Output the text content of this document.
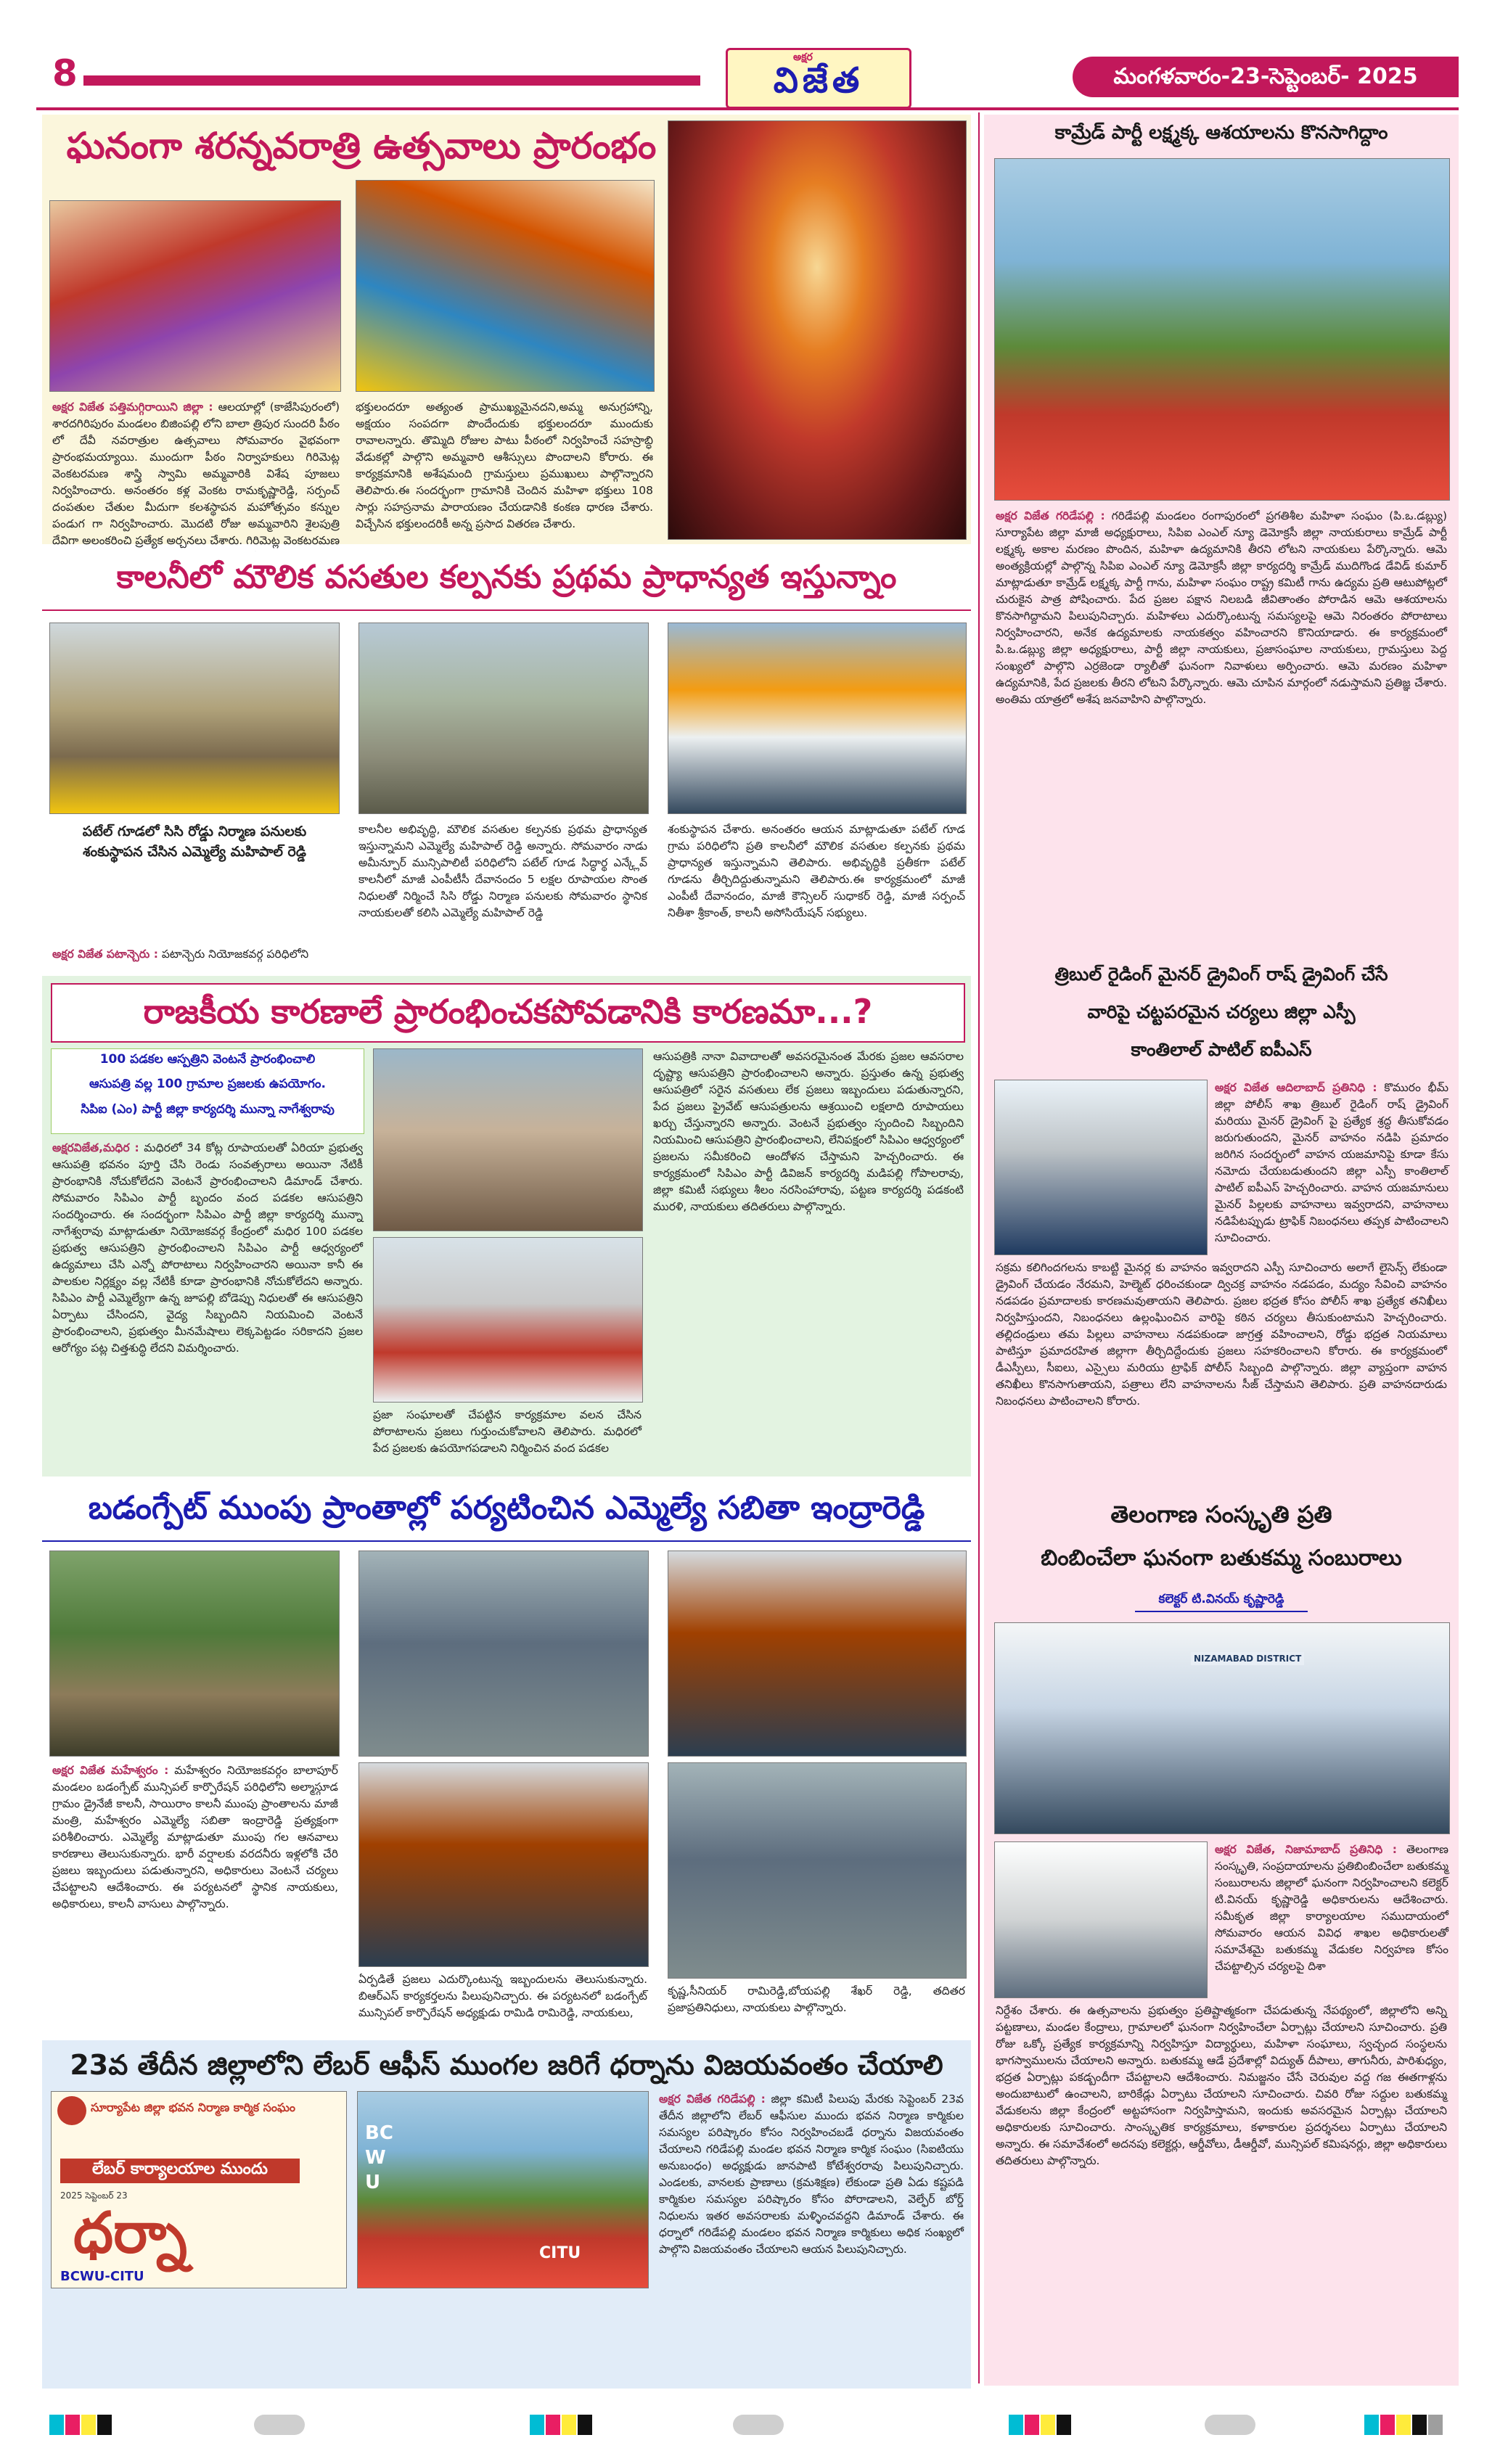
8	అక్షర
విజేత	మంగళవారం-23-సెప్టెంబర్- 2025
ఘనంగా శరన్నవరాత్రి ఉత్సవాలు ప్రారంభం
అక్షర విజేత పత్తిమగ్గిరాయిని జిల్లా : ఆలయాల్లో (కాజేసిపురంలో) శారదగిరిపురం మండలం బిజింపల్లి లోని బాలా త్రిపుర సుందరి పీఠం లో దేవీ నవరాత్రుల ఉత్సవాలు సోమవారం వైభవంగా ప్రారంభమయ్యాయి. ముందుగా పీఠం నిర్వాహకులు గిరిమెట్ల వెంకటరమణ శాస్త్రి స్వామి అమ్మవారికి విశేష పూజలు నిర్వహించారు. అనంతరం కళ్ల వెంకట రామకృష్ణారెడ్డి, సర్పంచ్ దంపతుల చేతుల మీదుగా కలశస్థాపన మహోత్సవం కన్నుల పండుగ గా నిర్వహించారు. మొదటి రోజు అమ్మవారిని శైలపుత్రి దేవిగా అలంకరించి ప్రత్యేక అర్చనలు చేశారు. గిరిమెట్ల వెంకటరమణ
భక్తులందరూ అత్యంత ప్రాముఖ్యమైనదని,అమ్మ అనుగ్రహాన్ని, అక్షయం సంపదగా పొందేందుకు భక్తులందరూ ముందుకు రావాలన్నారు. తొమ్మిది రోజుల పాటు పీఠంలో నిర్వహించే సహస్రాబ్ధి వేడుకల్లో పాల్గొని అమ్మవారి ఆశీస్సులు పొందాలని కోరారు. ఈ కార్యక్రమానికి అశేషమంది గ్రామస్తులు ప్రముఖులు పాల్గొన్నారని తెలిపారు.ఈ సందర్భంగా గ్రామానికి చెందిన మహిళా భక్తులు 108 సార్లు సహస్రనామ పారాయణం చేయడానికి కంకణ ధారణ చేశారు. విచ్చేసిన భక్తులందరికీ అన్న ప్రసాద వితరణ చేశారు.
కాలనీలో మౌలిక వసతుల కల్పనకు ప్రథమ ప్రాధాన్యత ఇస్తున్నాం
పటేల్ గూడలో సిసి రోడ్డు నిర్మాణ పనులకు శంకుస్థాపన చేసిన ఎమ్మెల్యే మహిపాల్ రెడ్డి
అక్షర విజేత పటాన్చెరు : పటాన్చెరు నియోజకవర్గ పరిధిలోని
కాలనీల అభివృద్ధి, మౌలిక వసతుల కల్పనకు ప్రథమ ప్రాధాన్యత ఇస్తున్నామని ఎమ్మెల్యే మహిపాల్ రెడ్డి అన్నారు. సోమవారం నాడు అమీన్పూర్ మున్సిపాలిటీ పరిధిలోని పటేల్ గూడ సిద్ధార్థ ఎన్క్లేవ్ కాలనీలో మాజీ ఎంపీటీసీ దేవానందం 5 లక్షల రూపాయల సొంత నిధులతో నిర్మించే సిసి రోడ్డు నిర్మాణ పనులకు సోమవారం స్థానిక నాయకులతో కలిసి ఎమ్మెల్యే మహిపాల్ రెడ్డి
శంకుస్థాపన చేశారు. అనంతరం ఆయన మాట్లాడుతూ పటేల్ గూడ గ్రామ పరిధిలోని ప్రతి కాలనీలో మౌలిక వసతుల కల్పనకు ప్రథమ ప్రాధాన్యత ఇస్తున్నామని తెలిపారు. అభివృద్ధికి ప్రతీకగా పటేల్ గూడను తీర్చిదిద్దుతున్నామని తెలిపారు.ఈ కార్యక్రమంలో మాజీ ఎంపీటీ దేవానందం, మాజీ కౌన్సిలర్ సుధాకర్ రెడ్డి, మాజీ సర్పంచ్ నితీశా శ్రీకాంత్, కాలనీ అసోసియేషన్ సభ్యులు.
రాజకీయ కారణాలే ప్రారంభించకపోవడానికి కారణమా...?
100 పడకల ఆస్పత్రిని వెంటనే ప్రారంభించాలి
ఆసుపత్రి వల్ల 100 గ్రామాల ప్రజలకు ఉపయోగం.
సిపిఐ (ఎం) పార్టీ జిల్లా కార్యదర్శి మున్నా నాగేశ్వరావు
అక్షరవిజేత,మధిర : మధిరలో 34 కోట్ల రూపాయలతో ఏరియా ప్రభుత్వ ఆసుపత్రి భవనం పూర్తి చేసి రెండు సంవత్సరాలు అయినా నేటికీ ప్రారంభానికి నోచుకోలేదని వెంటనే ప్రారంభించాలని డిమాండ్ చేశారు. సోమవారం సిపిఎం పార్టీ బృందం వంద పడకల ఆసుపత్రిని సందర్శించారు. ఈ సందర్భంగా సిపిఎం పార్టీ జిల్లా కార్యదర్శి మున్నా నాగేశ్వరావు మాట్లాడుతూ నియోజకవర్గ కేంద్రంలో మధిర 100 పడకల ప్రభుత్వ ఆసుపత్రిని ప్రారంభించాలని సిపిఎం పార్టీ ఆధ్వర్యంలో ఉద్యమాలు చేసి ఎన్నో పోరాటాలు నిర్వహించారని అయినా కానీ ఈ పాలకుల నిర్లక్ష్యం వల్ల నేటికీ కూడా ప్రారంభానికి నోచుకోలేదని అన్నారు. సిపిఎం పార్టీ ఎమ్మెల్యేగా ఉన్న జూపల్లి బోడెప్పు నిధులతో ఈ ఆసుపత్రిని ఏర్పాటు చేసిందని, వైద్య సిబ్బందిని నియమించి వెంటనే ప్రారంభించాలని, ప్రభుత్వం మీనమేషాలు లెక్కపెట్టడం సరికాదని ప్రజల ఆరోగ్యం పట్ల చిత్తశుద్ధి లేదని విమర్శించారు.
ప్రజా సంఘాలతో చేపట్టిన కార్యక్రమాల వలన చేసిన పోరాటాలను ప్రజలు గుర్తుంచుకోవాలని తెలిపారు. మధిరలో పేద ప్రజలకు ఉపయోగపడాలని నిర్మించిన వంద పడకల
ఆసుపత్రికి నానా వివాదాలతో అవసరమైనంత మేరకు ప్రజల ఆవసరాల దృష్ట్యా ఆసుపత్రిని ప్రారంభించాలని అన్నారు. ప్రస్తుతం ఉన్న ప్రభుత్వ ఆసుపత్రిలో సరైన వసతులు లేక ప్రజలు ఇబ్బందులు పడుతున్నారని, పేద ప్రజలు ప్రైవేట్ ఆసుపత్రులను ఆశ్రయించి లక్షలాది రూపాయలు ఖర్చు చేస్తున్నారని అన్నారు. వెంటనే ప్రభుత్వం స్పందించి సిబ్బందిని నియమించి ఆసుపత్రిని ప్రారంభించాలని, లేనిపక్షంలో సిపిఎం ఆధ్వర్యంలో ప్రజలను సమీకరించి ఆందోళన చేస్తామని హెచ్చరించారు. ఈ కార్యక్రమంలో సిపిఎం పార్టీ డివిజన్ కార్యదర్శి మడిపల్లి గోపాలరావు, జిల్లా కమిటీ సభ్యులు శీలం నరసింహారావు, పట్టణ కార్యదర్శి పడకంటి మురళి, నాయకులు తదితరులు పాల్గొన్నారు.
బడంగ్పేట్ ముంపు ప్రాంతాల్లో పర్యటించిన ఎమ్మెల్యే సబితా ఇంద్రారెడ్డి
అక్షర విజేత మహేశ్వరం : మహేశ్వరం నియోజకవర్గం బాలాపూర్ మండలం బడంగ్పేట్ మున్సిపల్ కార్పొరేషన్ పరిధిలోని అల్మాస్గూడ గ్రామం డ్రైనేజీ కాలనీ, సాయిరాం కాలనీ ముంపు ప్రాంతాలను మాజీ మంత్రి, మహేశ్వరం ఎమ్మెల్యే సబితా ఇంద్రారెడ్డి ప్రత్యక్షంగా పరిశీలించారు. ఎమ్మెల్యే మాట్లాడుతూ ముంపు గల ఆనవాలు కారణాలు తెలుసుకున్నారు. భారీ వర్షాలకు వరదనీరు ఇళ్లలోకి చేరి ప్రజలు ఇబ్బందులు పడుతున్నారని, అధికారులు వెంటనే చర్యలు చేపట్టాలని ఆదేశించారు. ఈ పర్యటనలో స్థానిక నాయకులు, అధికారులు, కాలనీ వాసులు పాల్గొన్నారు.
ఏర్పడితే ప్రజలు ఎదుర్కొంటున్న ఇబ్బందులను తెలుసుకున్నారు. బిఆర్ఎస్ కార్యకర్తలను పిలుపునిచ్చారు. ఈ పర్యటనలో బడంగ్పేట్ మున్సిపల్ కార్పొరేషన్ అధ్యక్షుడు రామిడి రామిరెడ్డి, నాయకులు,
కృష్ణ,సీనియర్ రామిరెడ్డి,బోయపల్లి శేఖర్ రెడ్డి, తదితర ప్రజాప్రతినిధులు, నాయకులు పాల్గొన్నారు.
23వ తేదీన జిల్లాలోని లేబర్ ఆఫీస్ ముంగల జరిగే ధర్నాను విజయవంతం చేయాలి
సూర్యాపేట జిల్లా భవన నిర్మాణ కార్మిక సంఘం
లేబర్ కార్యాలయాల ముందు
2025 సెప్టెంబర్ 23
ధర్నా
BCWU-CITU
BCWU
CITU
అక్షర విజేత గరిడేపల్లి : జిల్లా కమిటీ పిలుపు మేరకు సెప్టెంబర్ 23వ తేదీన జిల్లాలోని లేబర్ ఆఫీసుల ముందు భవన నిర్మాణ కార్మికుల సమస్యల పరిష్కారం కోసం నిర్వహించబడే ధర్నాను విజయవంతం చేయాలని గరిడేపల్లి మండల భవన నిర్మాణ కార్మిక సంఘం (సిఐటియు అనుబంధం) అధ్యక్షుడు జానపాటి కోటేశ్వరరావు పిలుపునిచ్చారు. ఎండలకు, వానలకు ప్రాణాలు (క్రమశిక్షణ) లేకుండా ప్రతి ఏడు కష్టపడి కార్మికుల సమస్యల పరిష్కారం కోసం పోరాడాలని, వెల్ఫేర్ బోర్డ్ నిధులను ఇతర అవసరాలకు మళ్ళించవద్దని డిమాండ్ చేశారు. ఈ ధర్నాలో గరిడేపల్లి మండలం భవన నిర్మాణ కార్మికులు అధిక సంఖ్యలో పాల్గొని విజయవంతం చేయాలని ఆయన పిలుపునిచ్చారు.
కామ్రేడ్ పార్టీ లక్ష్మక్క ఆశయాలను కొనసాగిద్దాం
అక్షర విజేత గరిడేపల్లి : గరిడేపల్లి మండలం రంగాపురంలో ప్రగతిశీల మహిళా సంఘం (పి.ఒ.డబ్ల్యు) సూర్యాపేట జిల్లా మాజీ అధ్యక్షురాలు, సిపిఐ ఎంఎల్ న్యూ డెమోక్రసీ జిల్లా నాయకురాలు కామ్రేడ్ పార్టీ లక్ష్మక్క అకాల మరణం పొందిన, మహిళా ఉద్యమానికి తీరని లోటని నాయకులు పేర్కొన్నారు. ఆమె అంత్యక్రియల్లో పాల్గొన్న సిపిఐ ఎంఎల్ న్యూ డెమోక్రసీ జిల్లా కార్యదర్శి కామ్రేడ్ ముదిగొండ డేవిడ్ కుమార్ మాట్లాడుతూ కామ్రేడ్ లక్ష్మక్క పార్టీ గాను, మహిళా సంఘం రాష్ట్ర కమిటీ గాను ఉద్యమ ప్రతి ఆటుపోట్లలో చురుకైన పాత్ర పోషించారు. పేద ప్రజల పక్షాన నిలబడి జీవితాంతం పోరాడిన ఆమె ఆశయాలను కొనసాగిద్దామని పిలుపునిచ్చారు. మహిళలు ఎదుర్కొంటున్న సమస్యలపై ఆమె నిరంతరం పోరాటాలు నిర్వహించారని, అనేక ఉద్యమాలకు నాయకత్వం వహించారని కొనియాడారు. ఈ కార్యక్రమంలో పి.ఒ.డబ్ల్యు జిల్లా అధ్యక్షురాలు, పార్టీ జిల్లా నాయకులు, ప్రజాసంఘాల నాయకులు, గ్రామస్తులు పెద్ద సంఖ్యలో పాల్గొని ఎర్రజెండా ర్యాలీతో ఘనంగా నివాళులు అర్పించారు. ఆమె మరణం మహిళా ఉద్యమానికి, పేద ప్రజలకు తీరని లోటని పేర్కొన్నారు. ఆమె చూపిన మార్గంలో నడుస్తామని ప్రతిజ్ఞ చేశారు. అంతిమ యాత్రలో అశేష జనవాహిని పాల్గొన్నారు.
త్రిబుల్ రైడింగ్ మైనర్ డ్రైవింగ్ రాష్ డ్రైవింగ్ చేసే
వారిపై చట్టపరమైన చర్యలు జిల్లా ఎస్పీ
కాంతిలాల్ పాటిల్ ఐపీఎస్
అక్షర విజేత ఆదిలాబాద్ ప్రతినిధి : కొమురం భీమ్ జిల్లా పోలీస్ శాఖ త్రిబుల్ రైడింగ్ రాష్ డ్రైవింగ్ మరియు మైనర్ డ్రైవింగ్ పై ప్రత్యేక శ్రద్ధ తీసుకోవడం జరుగుతుందని, మైనర్ వాహనం నడిపి ప్రమాదం జరిగిన సందర్భంలో వాహన యజమానిపై కూడా కేసు నమోదు చేయబడుతుందని జిల్లా ఎస్పీ కాంతిలాల్ పాటిల్ ఐపీఎస్ హెచ్చరించారు. వాహన యజమానులు మైనర్ పిల్లలకు వాహనాలు ఇవ్వరాదని, వాహనాలు నడిపేటప్పుడు ట్రాఫిక్ నిబంధనలు తప్పక పాటించాలని సూచించారు.
సక్రమ కలిగిందగలను కాబట్టి మైనర్ల కు వాహనం ఇవ్వరాదని ఎస్పీ సూచించారు అలాగే లైసెన్స్ లేకుండా డ్రైవింగ్ చేయడం నేరమని, హెల్మెట్ ధరించకుండా ద్విచక్ర వాహనం నడపడం, మద్యం సేవించి వాహనం నడపడం ప్రమాదాలకు కారణమవుతాయని తెలిపారు. ప్రజల భద్రత కోసం పోలీస్ శాఖ ప్రత్యేక తనిఖీలు నిర్వహిస్తుందని, నిబంధనలు ఉల్లంఘించిన వారిపై కఠిన చర్యలు తీసుకుంటామని హెచ్చరించారు. తల్లిదండ్రులు తమ పిల్లలు వాహనాలు నడపకుండా జాగ్రత్త వహించాలని, రోడ్డు భద్రత నియమాలు పాటిస్తూ ప్రమాదరహిత జిల్లాగా తీర్చిదిద్దేందుకు ప్రజలు సహకరించాలని కోరారు. ఈ కార్యక్రమంలో డీఎస్పీలు, సీఐలు, ఎస్సైలు మరియు ట్రాఫిక్ పోలీస్ సిబ్బంది పాల్గొన్నారు. జిల్లా వ్యాప్తంగా వాహన తనిఖీలు కొనసాగుతాయని, పత్రాలు లేని వాహనాలను సీజ్ చేస్తామని తెలిపారు. ప్రతి వాహనదారుడు నిబంధనలు పాటించాలని కోరారు.
తెలంగాణ సంస్కృతి ప్రతి
బింబించేలా ఘనంగా బతుకమ్మ సంబురాలు
కలెక్టర్ టి.వినయ్ కృష్ణారెడ్డి
NIZAMABAD DISTRICT
అక్షర విజేత, నిజామాబాద్ ప్రతినిధి : తెలంగాణ సంస్కృతి, సంప్రదాయాలను ప్రతిబింబించేలా బతుకమ్మ సంబురాలను జిల్లాలో ఘనంగా నిర్వహించాలని కలెక్టర్ టి.వినయ్ కృష్ణారెడ్డి అధికారులను ఆదేశించారు. సమీకృత జిల్లా కార్యాలయాల సముదాయంలో సోమవారం ఆయన వివిధ శాఖల అధికారులతో సమావేశమై బతుకమ్మ వేడుకల నిర్వహణ కోసం చేపట్టాల్సిన చర్యలపై దిశా
నిర్దేశం చేశారు. ఈ ఉత్సవాలను ప్రభుత్వం ప్రతిష్టాత్మకంగా చేపడుతున్న నేపథ్యంలో, జిల్లాలోని అన్ని పట్టణాలు, మండల కేంద్రాలు, గ్రామాలలో ఘనంగా నిర్వహించేలా ఏర్పాట్లు చేయాలని సూచించారు. ప్రతి రోజు ఒక్కో ప్రత్యేక కార్యక్రమాన్ని నిర్వహిస్తూ విద్యార్థులు, మహిళా సంఘాలు, స్వచ్ఛంద సంస్థలను భాగస్వాములను చేయాలని అన్నారు. బతుకమ్మ ఆడే ప్రదేశాల్లో విద్యుత్ దీపాలు, తాగునీరు, పారిశుధ్యం, భద్రత ఏర్పాట్లు పకడ్బందీగా చేపట్టాలని ఆదేశించారు. నిమజ్జనం చేసే చెరువుల వద్ద గజ ఈతగాళ్లను అందుబాటులో ఉంచాలని, బారికేడ్లు ఏర్పాటు చేయాలని సూచించారు. చివరి రోజు సద్దుల బతుకమ్మ వేడుకలను జిల్లా కేంద్రంలో అట్టహాసంగా నిర్వహిస్తామని, ఇందుకు అవసరమైన ఏర్పాట్లు చేయాలని అధికారులకు సూచించారు. సాంస్కృతిక కార్యక్రమాలు, కళాకారుల ప్రదర్శనలు ఏర్పాటు చేయాలని అన్నారు. ఈ సమావేశంలో అదనపు కలెక్టర్లు, ఆర్డీవోలు, డీఆర్డీవో, మున్సిపల్ కమిషనర్లు, జిల్లా అధికారులు తదితరులు పాల్గొన్నారు.
